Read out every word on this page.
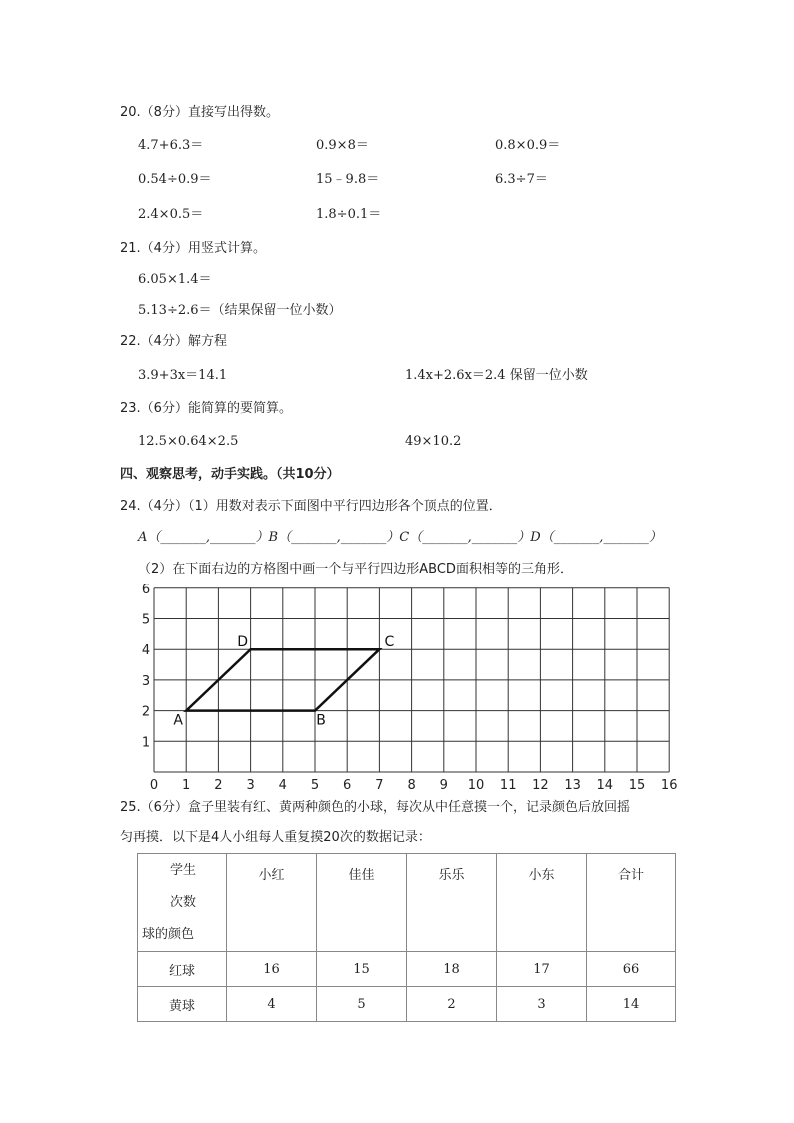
20.（8分）直接写出得数。
4.7+6.3＝	0.9×8＝	0.8×0.9＝
0.54÷0.9＝	15﹣9.8＝	6.3÷7＝
2.4×0.5＝	1.8÷0.1＝
21.（4分）用竖式计算。
6.05×1.4＝
5.13÷2.6＝（结果保留一位小数）
22.（4分）解方程
3.9+3x＝14.1	1.4x+2.6x＝2.4 保留一位小数
23.（6分）能简算的要简算。
12.5×0.64×2.5	49×10.2
四、观察思考，动手实践。（共10分）
24.（4分）（1）用数对表示下面图中平行四边形各个顶点的位置．
A（_______,_______）B（_______,_______）C（_______,_______）D（_______,_______）
（2）在下面右边的方格图中画一个与平行四边形ABCD面积相等的三角形．
0 1 2 3 4 5 6 7 8 9 10 11 12 13 14 15 16
1
2
3
4
5
6
A	B
C
D
25.（6分）盒子里装有红、黄两种颜色的小球，每次从中任意摸一个，记录颜色后放回摇
匀再摸．以下是4人小组每人重复摸20次的数据记录：
学生
次数
球的颜色	小红	佳佳	乐乐	小东	合计
红球	16	15	18	17	66
黄球	4	5	2	3	14
